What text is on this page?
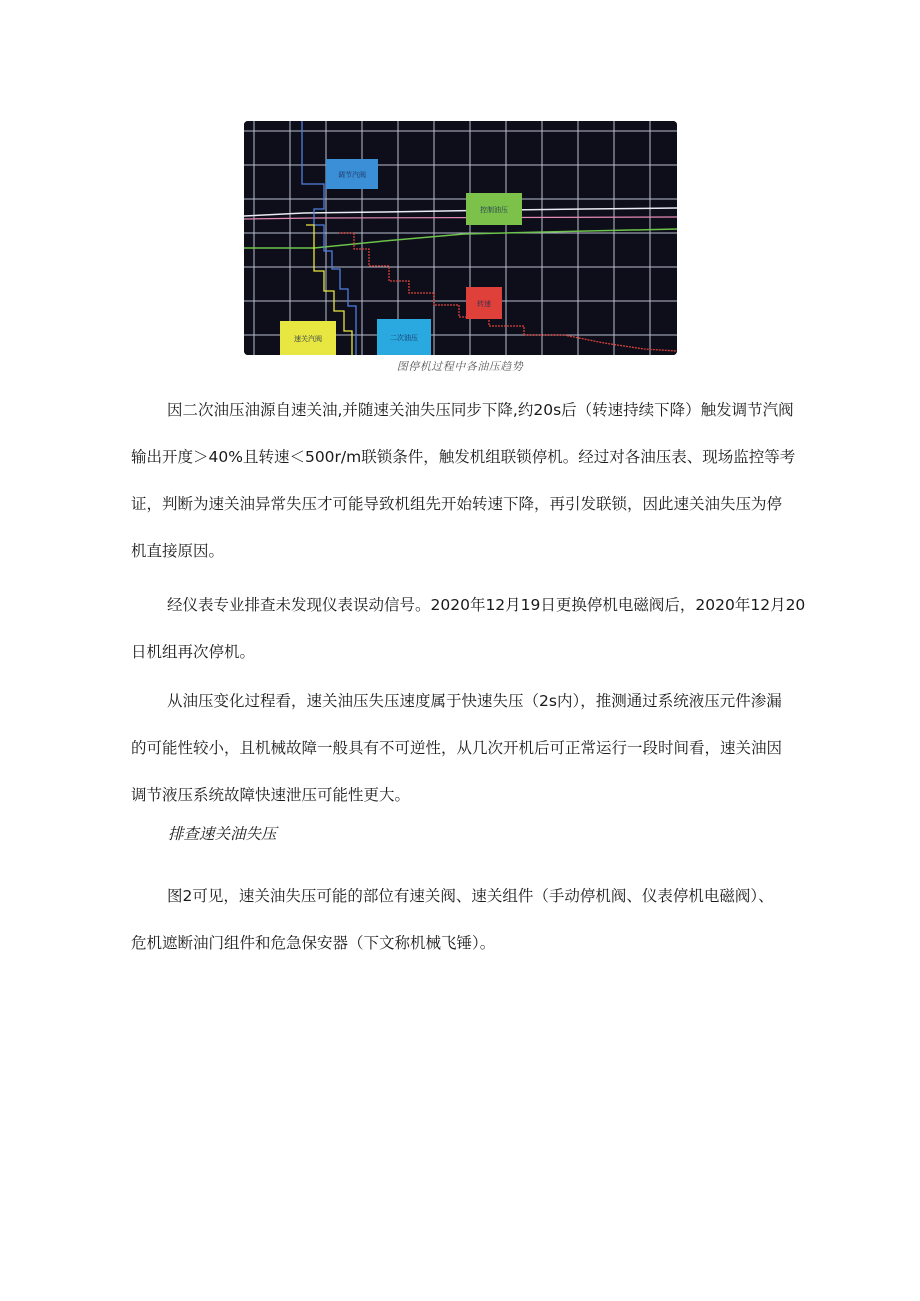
调节汽阀
控制油压
转速
速关汽阀	二次油压
图停机过程中各油压趋势
因二次油压油源自速关油,并随速关油失压同步下降,约20s后（转速持续下降）触发调节汽阀
输出开度＞40%且转速＜500r/m联锁条件，触发机组联锁停机。经过对各油压表、现场监控等考
证，判断为速关油异常失压才可能导致机组先开始转速下降，再引发联锁，因此速关油失压为停
机直接原因。
经仪表专业排查未发现仪表误动信号。2020年12月19日更换停机电磁阀后，2020年12月20
日机组再次停机。
从油压变化过程看，速关油压失压速度属于快速失压（2s内），推测通过系统液压元件渗漏
的可能性较小，且机械故障一般具有不可逆性，从几次开机后可正常运行一段时间看，速关油因
调节液压系统故障快速泄压可能性更大。
排查速关油失压
图2可见，速关油失压可能的部位有速关阀、速关组件（手动停机阀、仪表停机电磁阀）、
危机遮断油门组件和危急保安器（下文称机械飞锤）。
